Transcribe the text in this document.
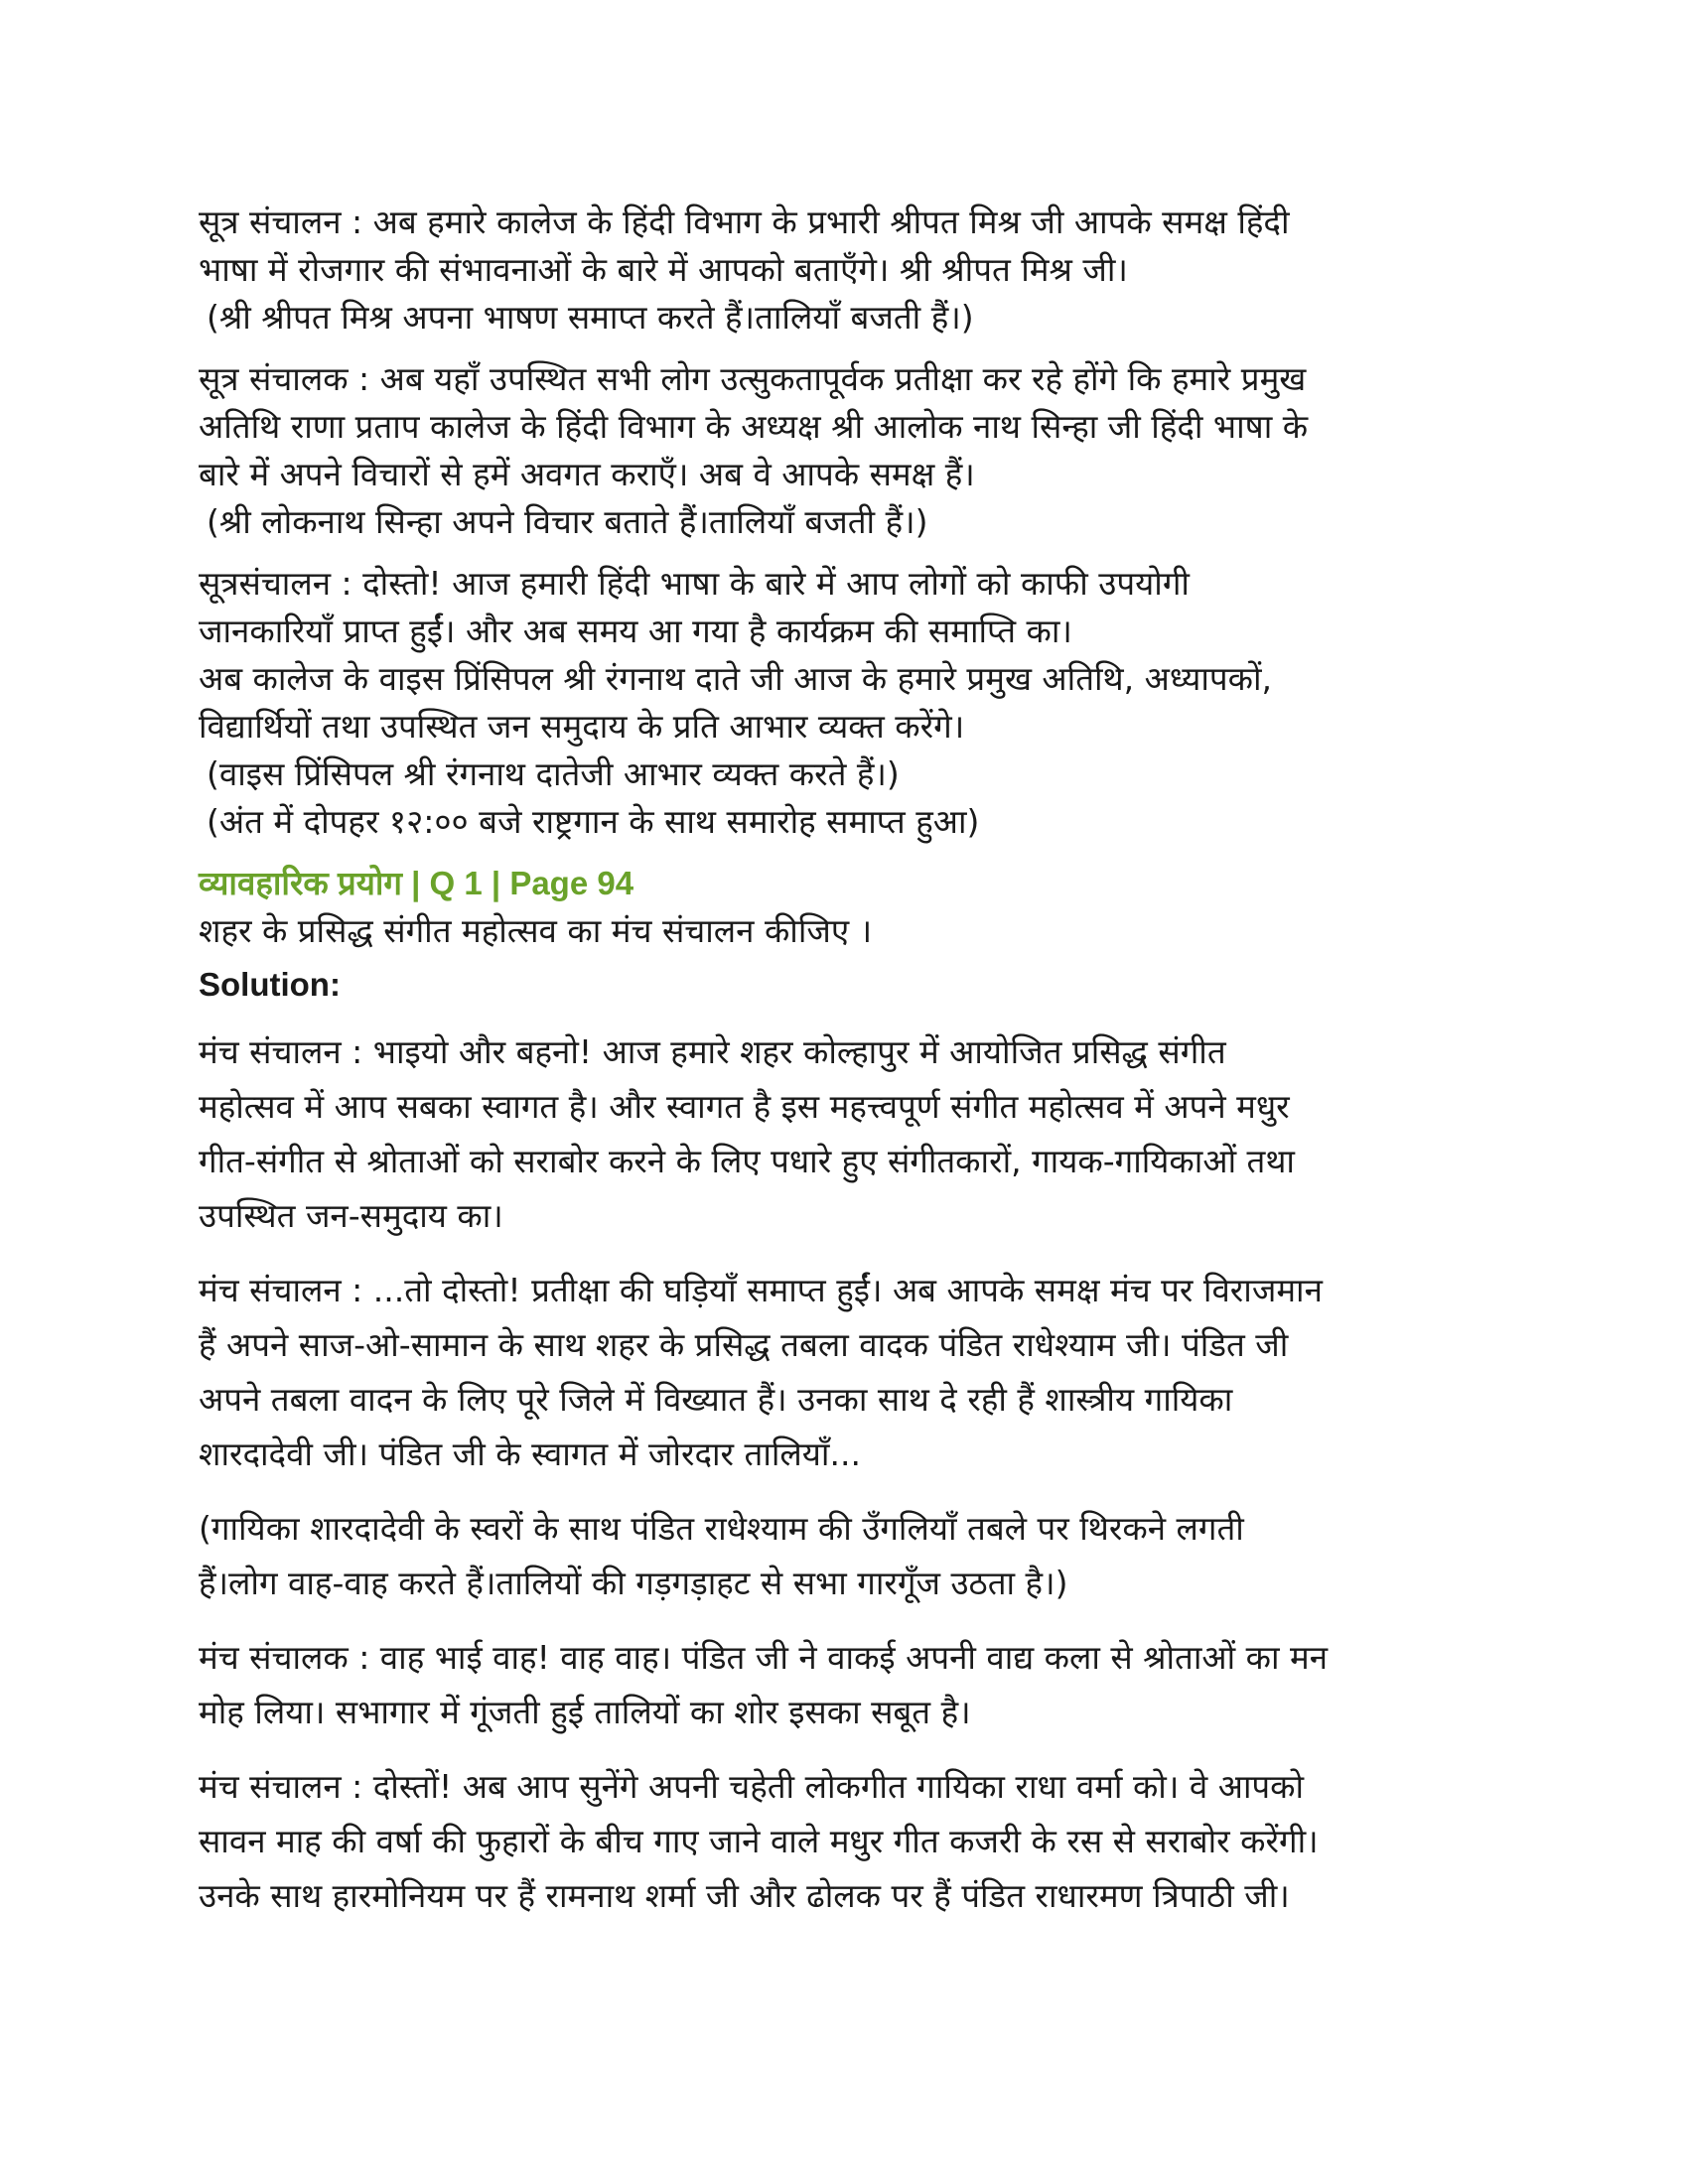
सूत्र संचालन : अब हमारे कालेज के हिंदी विभाग के प्रभारी श्रीपत मिश्र जी आपके समक्ष हिंदी
भाषा में रोजगार की संभावनाओं के बारे में आपको बताएँगे। श्री श्रीपत मिश्र जी।
(श्री श्रीपत मिश्र अपना भाषण समाप्त करते हैं।तालियाँ बजती हैं।)
सूत्र संचालक : अब यहाँ उपस्थित सभी लोग उत्सुकतापूर्वक प्रतीक्षा कर रहे होंगे कि हमारे प्रमुख
अतिथि राणा प्रताप कालेज के हिंदी विभाग के अध्यक्ष श्री आलोक नाथ सिन्हा जी हिंदी भाषा के
बारे में अपने विचारों से हमें अवगत कराएँ। अब वे आपके समक्ष हैं।
(श्री लोकनाथ सिन्हा अपने विचार बताते हैं।तालियाँ बजती हैं।)
सूत्रसंचालन : दोस्तो! आज हमारी हिंदी भाषा के बारे में आप लोगों को काफी उपयोगी
जानकारियाँ प्राप्त हुईं। और अब समय आ गया है कार्यक्रम की समाप्ति का।
अब कालेज के वाइस प्रिंसिपल श्री रंगनाथ दाते जी आज के हमारे प्रमुख अतिथि, अध्यापकों,
विद्यार्थियों तथा उपस्थित जन समुदाय के प्रति आभार व्यक्त करेंगे।
(वाइस प्रिंसिपल श्री रंगनाथ दातेजी आभार व्यक्त करते हैं।)
(अंत में दोपहर १२:०० बजे राष्ट्रगान के साथ समारोह समाप्त हुआ)
व्यावहारिक प्रयोग | Q 1 | Page 94
शहर के प्रसिद्ध संगीत महोत्सव का मंच संचालन कीजिए ।
Solution:
मंच संचालन : भाइयो और बहनो! आज हमारे शहर कोल्हापुर में आयोजित प्रसिद्ध संगीत
महोत्सव में आप सबका स्वागत है। और स्वागत है इस महत्त्वपूर्ण संगीत महोत्सव में अपने मधुर
गीत-संगीत से श्रोताओं को सराबोर करने के लिए पधारे हुए संगीतकारों, गायक-गायिकाओं तथा
उपस्थित जन-समुदाय का।
मंच संचालन : ...तो दोस्तो! प्रतीक्षा की घड़ियाँ समाप्त हुईं। अब आपके समक्ष मंच पर विराजमान
हैं अपने साज-ओ-सामान के साथ शहर के प्रसिद्ध तबला वादक पंडित राधेश्याम जी। पंडित जी
अपने तबला वादन के लिए पूरे जिले में विख्यात हैं। उनका साथ दे रही हैं शास्त्रीय गायिका
शारदादेवी जी। पंडित जी के स्वागत में जोरदार तालियाँ...
(गायिका शारदादेवी के स्वरों के साथ पंडित राधेश्याम की उँगलियाँ तबले पर थिरकने लगती
हैं।लोग वाह-वाह करते हैं।तालियों की गड़गड़ाहट से सभा गारगूँज उठता है।)
मंच संचालक : वाह भाई वाह! वाह वाह। पंडित जी ने वाकई अपनी वाद्य कला से श्रोताओं का मन
मोह लिया। सभागार में गूंजती हुई तालियों का शोर इसका सबूत है।
मंच संचालन : दोस्तों! अब आप सुनेंगे अपनी चहेती लोकगीत गायिका राधा वर्मा को। वे आपको
सावन माह की वर्षा की फुहारों के बीच गाए जाने वाले मधुर गीत कजरी के रस से सराबोर करेंगी।
उनके साथ हारमोनियम पर हैं रामनाथ शर्मा जी और ढोलक पर हैं पंडित राधारमण त्रिपाठी जी।
